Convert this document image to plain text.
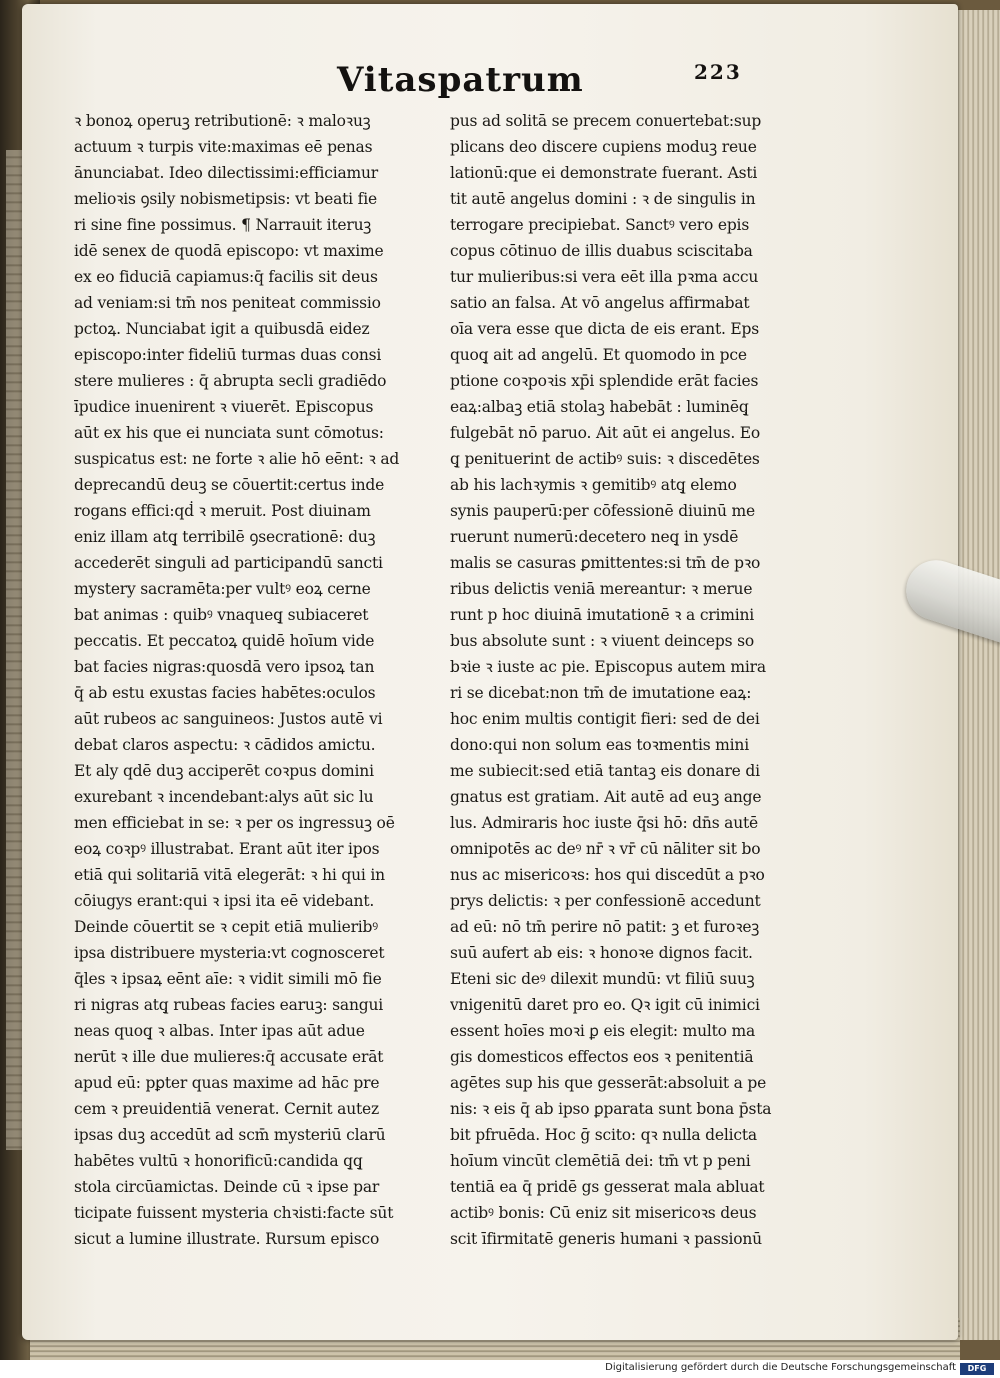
Vitaspatrum	223
ꝛ bonoꝝ operuꝫ retributionē: ꝛ maloꝛuꝫ
actuum ꝛ turpis vite:maximas eē penas
ānunciabat. Ideo dilectissimi:efficiamur
melioꝛis ꝯsily nobismetipsis: vt beati fie
ri sine fine possimus. ¶ Narrauit iteruꝫ
idē senex de quodā episcopo: vt maxime
ex eo fiduciā capiamus:q̄ facilis sit deus
ad veniam:si tm̄ nos peniteat commissio
pctoꝝ. Nunciabat igit a quibusdā eidez
episcopo:inter fideliū turmas duas consi
stere mulieres : q̄ abrupta secli gradiēdo
īpudice inuenirent ꝛ viuerēt. Episcopus
aūt ex his que ei nunciata sunt cōmotus:
suspicatus est: ne forte ꝛ alie hō eēnt: ꝛ ad
deprecandū deuꝫ se cōuertit:certus inde
rogans effici:qḋ ꝛ meruit. Post diuinam
eniz illam atq̧ terribilē ꝯsecrationē: duꝫ
accederēt singuli ad participandū sancti
mystery sacramēta:per vultꝰ eoꝝ cerne
bat animas : quibꝰ vnaqueq̧ subiaceret
peccatis. Et peccatoꝝ quidē hoīum vide
bat facies nigras:quosdā vero ipsoꝝ tan
q̄ ab estu exustas facies habētes:oculos
aūt rubeos ac sanguineos: Justos autē vi
debat claros aspectu: ꝛ cādidos amictu.
Et aly qdē duꝫ acciperēt coꝛpus domini
exurebant ꝛ incendebant:alys aūt sic lu
men efficiebat in se: ꝛ per os ingressuꝫ oē
eoꝝ coꝛpꝰ illustrabat. Erant aūt iter ipos
etiā qui solitariā vitā elegerāt: ꝛ hi qui in
cōiugys erant:qui ꝛ ipsi ita eē videbant.
Deinde cōuertit se ꝛ cepit etiā mulieribꝰ
ipsa distribuere mysteria:vt cognosceret
q̄les ꝛ ipsaꝝ eēnt aīe: ꝛ vidit simili mō fie
ri nigras atq̧ rubeas facies earuꝫ: sangui
neas quoq̧ ꝛ albas. Inter ipas aūt adue
nerūt ꝛ ille due mulieres:q̄ accusate erāt
apud eū: pꝑter quas maxime ad hāc pre
cem ꝛ preuidentiā venerat. Cernit autez
ipsas duꝫ accedūt ad scm̄ mysteriū clarū
habētes vultū ꝛ honorificū:candida q̧q̧
stola circūamictas. Deinde cū ꝛ ipse par
ticipate fuissent mysteria chꝛisti:facte sūt
sicut a lumine illustrate. Rursum episco
pus ad solitā se precem conuertebat:sup
plicans deo discere cupiens moduꝫ reue
lationū:que ei demonstrate fuerant. Asti
tit autē angelus domini : ꝛ de singulis in
terrogare precipiebat. Sanctꝰ vero epis
copus cōtinuo de illis duabus sciscitaba
tur mulieribus:si vera eēt illa pꝛma accu
satio an falsa. At vō angelus affirmabat
oīa vera esse que dicta de eis erant. Eps
quoq̧ ait ad angelū. Et quomodo in pce
ptione coꝛpoꝛis xp̄i splendide erāt facies
eaꝝ:albaꝫ etiā stolaꝫ habebāt : luminēq̧
fulgebāt nō paruo. Ait aūt ei angelus. Eo
q̧ penituerint de actibꝰ suis: ꝛ discedētes
ab his lachꝛymis ꝛ gemitibꝰ atq̧ elemo
synis pauperū:per cōfessionē diuinū me
ruerunt numerū:decetero neq̧ in ysdē
malis se casuras ꝑmittentes:si tm̄ de pꝛo
ribus delictis veniā mereantur: ꝛ merue
runt p hoc diuinā imutationē ꝛ a crimini
bus absolute sunt : ꝛ viuent deinceps so
bꝛie ꝛ iuste ac pie. Episcopus autem mira
ri se dicebat:non tm̄ de imutatione eaꝝ:
hoc enim multis contigit fieri: sed de dei
dono:qui non solum eas toꝛmentis mini
me subiecit:sed etiā tantaꝫ eis donare di
gnatus est gratiam. Ait autē ad euꝫ ange
lus. Admiraris hoc iuste q̄si hō: dn̄s autē
omnipotēs ac deꝰ nr̄ ꝛ vr̄ cū nāliter sit bo
nus ac misericoꝛs: hos qui discedūt a pꝛo
prys delictis: ꝛ per confessionē accedunt
ad eū: nō tm̄ perire nō patit: ꝫ et furoꝛeꝫ
suū aufert ab eis: ꝛ honoꝛe dignos facit.
Eteni sic deꝰ dilexit mundū: vt filiū suuꝫ
vnigenitū daret pro eo. Qꝛ igit cū inimici
essent hoīes moꝛi ꝑ eis elegit: multo ma
gis domesticos effectos eos ꝛ penitentiā
agētes sup his que gesserāt:absoluit a pe
nis: ꝛ eis q̄ ab ipso ꝑparata sunt bona p̄sta
bit pfruēda. Hoc ḡ scito: qꝛ nulla delicta
hoīum vincūt clemētiā dei: tm̄ vt p peni
tentiā ea q̄ pridē gs gesserat mala abluat
actibꝰ bonis: Cū eniz sit misericoꝛs deus
scit īfirmitatē generis humani ꝛ passionū
Digitalisierung gefördert durch die Deutsche Forschungsgemeinschaft	DFG
